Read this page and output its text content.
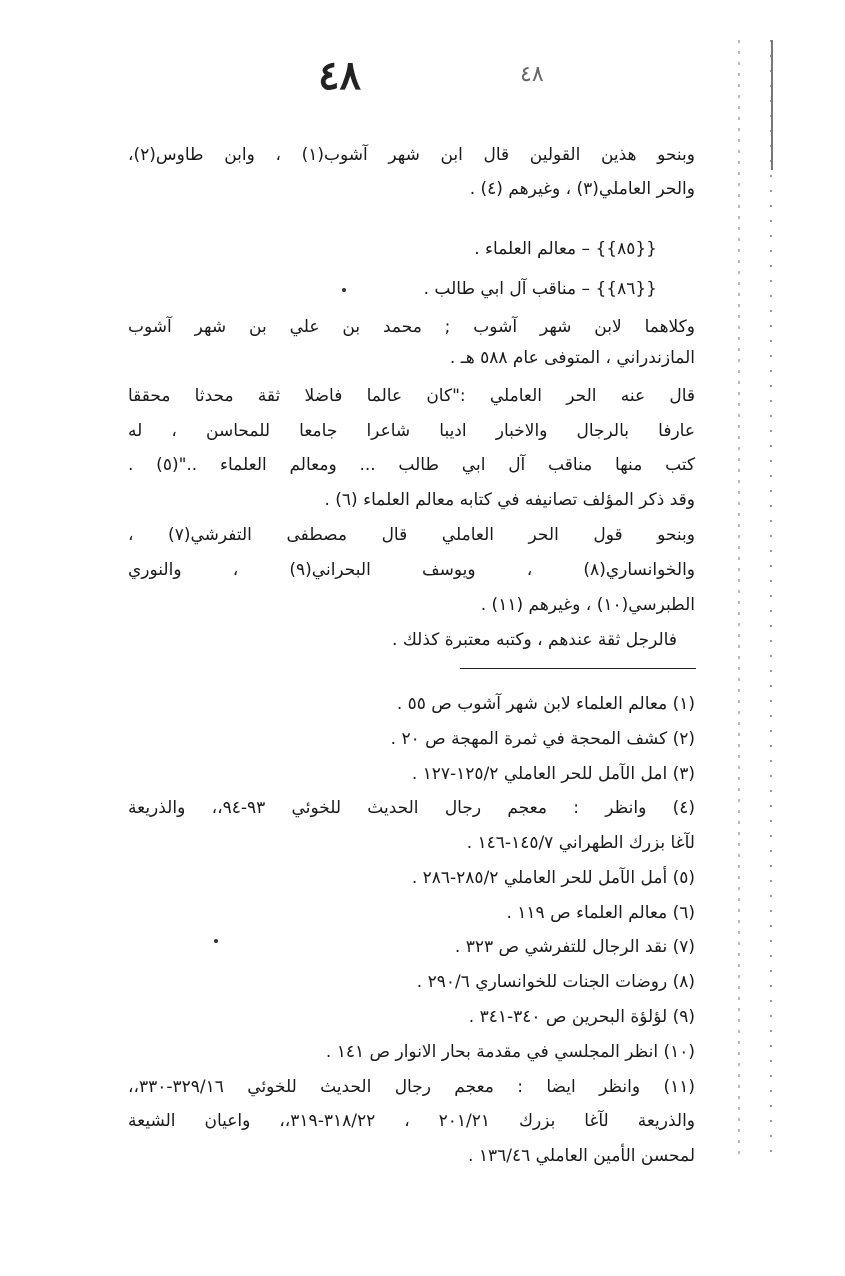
٤٨	٤٨
وبنحو هذين القولين قال ابن شهر آشوب(١) ، وابن طاوس(٢)،
والحر العاملي(٣) ، وغيرهم (٤) .
{{٨٥}} – معالم العلماء .
{{٨٦}} – مناقب آل ابي طالب .
وكلاهما لابن شهر آشوب ; محمد بن علي بن شهر آشوب
المازندراني ، المتوفى عام ٥٨٨ هـ .
قال عنه الحر العاملي :"كان عالما فاضلا ثقة محدثا محققا
عارفا بالرجال والاخبار اديبا شاعرا جامعا للمحاسن ، له
كتب منها مناقب آل ابي طالب ... ومعالم العلماء .."(٥) .
وقد ذكر المؤلف تصانيفه في كتابه معالم العلماء (٦) .
وبنحو قول الحر العاملي قال مصطفى التفرشي(٧) ،
والخوانساري(٨) ، ويوسف البحراني(٩) ، والنوري
الطبرسي(١٠) ، وغيرهم (١١) .
فالرجل ثقة عندهم ، وكتبه معتبرة كذلك .
(١) معالم العلماء لابن شهر آشوب ص ٥٥ .
(٢) كشف المحجة في ثمرة المهجة ص ٢٠ .
(٣) امل الآمل للحر العاملي ١٢٥/٢-١٢٧ .
(٤) وانظر : معجم رجال الحديث للخوئي ٩٣-٩٤،، والذريعة
لآغا بزرك الطهراني ١٤٥/٧-١٤٦ .
(٥) أمل الآمل للحر العاملي ٢٨٥/٢-٢٨٦ .
(٦) معالم العلماء ص ١١٩ .
(٧) نقد الرجال للتفرشي ص ٣٢٣ .
(٨) روضات الجنات للخوانساري ٢٩٠/٦ .
(٩) لؤلؤة البحرين ص ٣٤٠-٣٤١ .
(١٠) انظر المجلسي في مقدمة بحار الانوار ص ١٤١ .
(١١) وانظر ايضا : معجم رجال الحديث للخوئي ٣٢٩/١٦-٣٣٠،،
والذريعة لآغا بزرك ٢٠١/٢١ ، ٣١٨/٢٢-٣١٩،، واعيان الشيعة
لمحسن الأمين العاملي ١٣٦/٤٦ .
